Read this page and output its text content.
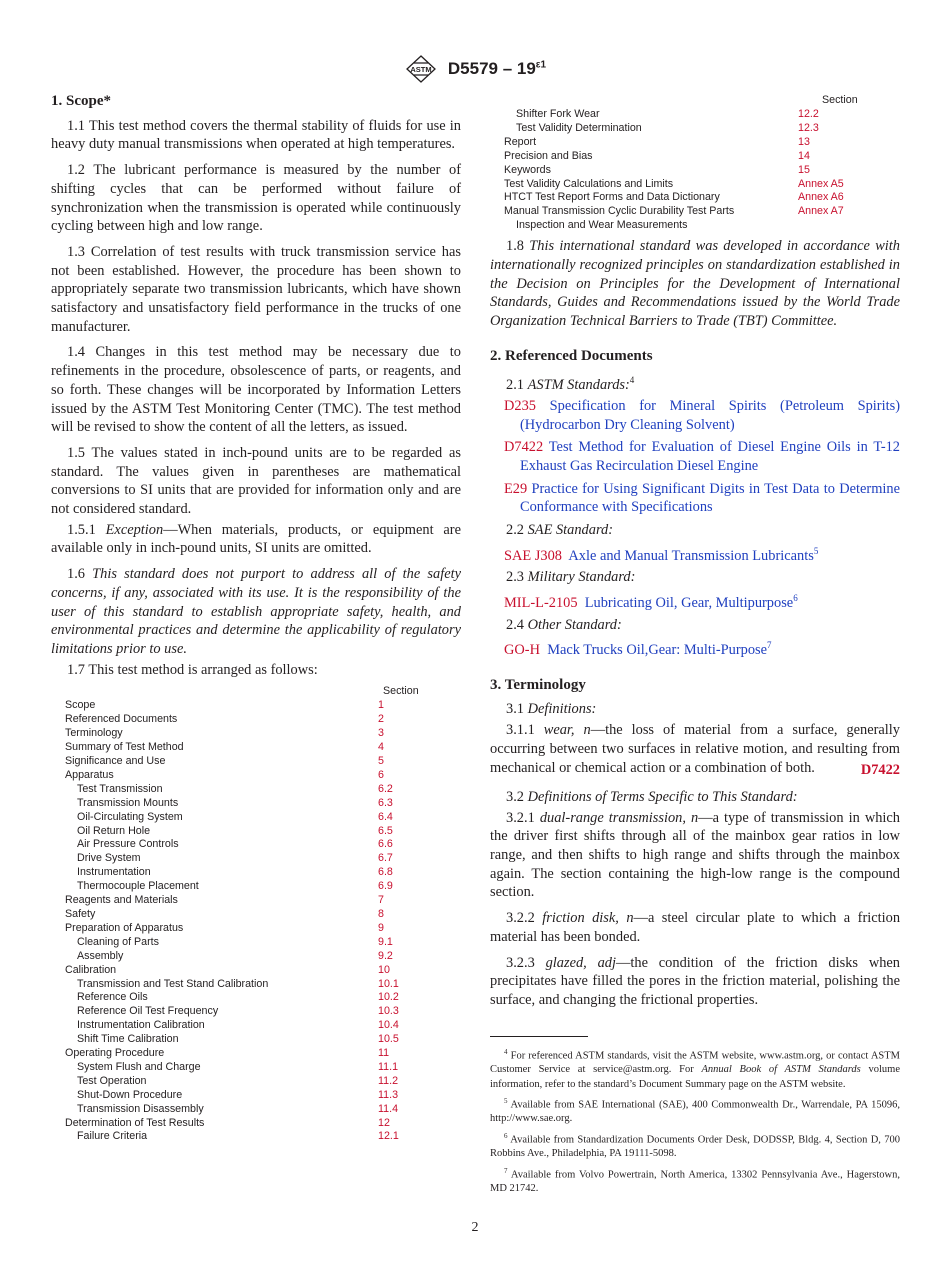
ASTM $D5579 - 19^{\varepsilon 1}$
1. Scope*

1.1 This test method covers the thermal stability of fluids for use in heavy duty manual transmissions when operated at high temperatures.

1.2 The lubricant performance is measured by the number of shifting cycles that can be performed without failure of synchronization when the transmission is operated while continuously cycling between high and low range.

1.3 Correlation of test results with truck transmission service has not been established. However, the procedure has been shown to appropriately separate two transmission lubricants, which have shown satisfactory and unsatisfactory field performance in the trucks of one manufacturer.

1.4 Changes in this test method may be necessary due to refinements in the procedure, obsolescence of parts, or reagents, and so forth. These changes will be incorporated by Information Letters issued by the ASTM Test Monitoring Center (TMC). The test method will be revised to show the content of all the letters, as issued.

1.5 The values stated in inch-pound units are to be regarded as standard. The values given in parentheses are mathematical conversions to SI units that are provided for information only and are not considered standard.

1.5.1 Exception—When materials, products, or equipment are available only in inch-pound units, SI units are omitted.

1.6 This standard does not purport to address all of the safety concerns, if any, associated with its use. It is the responsibility of the user of this standard to establish appropriate safety, health, and environmental practices and determine the applicability of regulatory limitations prior to use.

1.7 This test method is arranged as follows:

Section
Scope	1
Referenced Documents	2
Terminology	3
Summary of Test Method	4
Significance and Use	5
Apparatus	6
Test Transmission	6.2
Transmission Mounts	6.3
Oil-Circulating System	6.4
Oil Return Hole	6.5
Air Pressure Controls	6.6
Drive System	6.7
Instrumentation	6.8
Thermocouple Placement	6.9
Reagents and Materials	7
Safety	8
Preparation of Apparatus	9
Cleaning of Parts	9.1
Assembly	9.2
Calibration	10
Transmission and Test Stand Calibration	10.1
Reference Oils	10.2
Reference Oil Test Frequency	10.3
Instrumentation Calibration	10.4
Shift Time Calibration	10.5
Operating Procedure	11
System Flush and Charge	11.1
Test Operation	11.2
Shut-Down Procedure	11.3
Transmission Disassembly	11.4
Determination of Test Results	12
Failure Criteria	12.1
Section
Shifter Fork Wear	12.2
Test Validity Determination	12.3
Report	13
Precision and Bias	14
Keywords	15
Test Validity Calculations and Limits	Annex A5
HTCT Test Report Forms and Data Dictionary	Annex A6
Manual Transmission Cyclic Durability Test Parts	Annex A7
Inspection and Wear Measurements

1.8 This international standard was developed in accordance with internationally recognized principles on standardization established in the Decision on Principles for the Development of International Standards, Guides and Recommendations issued by the World Trade Organization Technical Barriers to Trade (TBT) Committee.

2. Referenced Documents

2.1 ASTM Standards:$^4$

D235 Specification for Mineral Spirits (Petroleum Spirits) (Hydrocarbon Dry Cleaning Solvent)
D7422 Test Method for Evaluation of Diesel Engine Oils in T-12 Exhaust Gas Recirculation Diesel Engine
E29 Practice for Using Significant Digits in Test Data to Determine Conformance with Specifications

2.2 SAE Standard:

SAE J308 Axle and Manual Transmission Lubricants$^5$

2.3 Military Standard:

MIL-L-2105 Lubricating Oil, Gear, Multipurpose$^6$

2.4 Other Standard:

GO-H Mack Trucks Oil,Gear: Multi-Purpose$^7$
3. Terminology

3.1 Definitions:

3.1.1 wear, n—the loss of material from a surface, generally occurring between two surfaces in relative motion, and resulting from mechanical or chemical action or a combination of both.	D7422

3.2 Definitions of Terms Specific to This Standard:

3.2.1 dual-range transmission, n—a type of transmission in which the driver first shifts through all of the mainbox gear ratios in low range, and then shifts to high range and shifts through the mainbox again. The section containing the high-low range is the compound section.

3.2.2 friction disk, n—a steel circular plate to which a friction material has been bonded.

3.2.3 glazed, adj—the condition of the friction disks when precipitates have filled the pores in the friction material, polishing the surface, and changing the frictional properties.

$^4$ For referenced ASTM standards, visit the ASTM website, www.astm.org, or contact ASTM Customer Service at service@astm.org. For Annual Book of ASTM Standards volume information, refer to the standard’s Document Summary page on the ASTM website.

$^5$ Available from SAE International (SAE), 400 Commonwealth Dr., Warrendale, PA 15096, http://www.sae.org.

$^6$ Available from Standardization Documents Order Desk, DODSSP, Bldg. 4, Section D, 700 Robbins Ave., Philadelphia, PA 19111-5098.

$^7$ Available from Volvo Powertrain, North America, 13302 Pennsylvania Ave., Hagerstown, MD 21742.

2
